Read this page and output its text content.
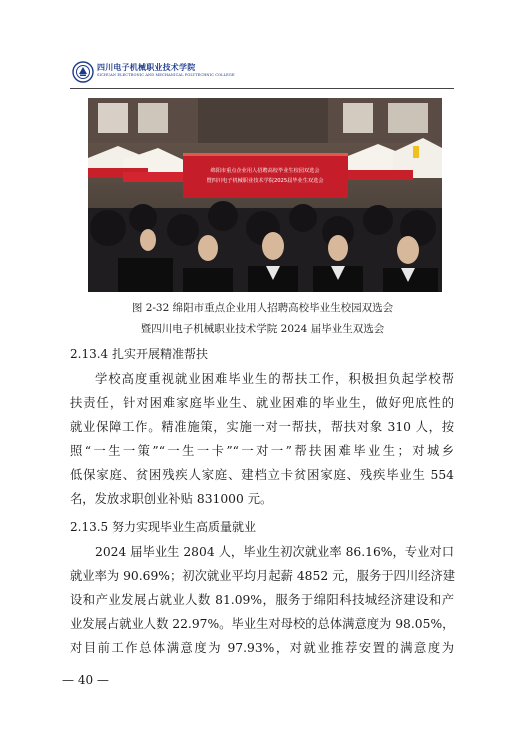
四川电子机械职业技术学院
SICHUAN ELECTRONIC AND MECHANICAL POLYTECHNIC COLLEGE
绵阳市重点企业用人招聘高校毕业生校园双选会
暨四川电子机械职业技术学院2025届毕业生双选会
图 2-32 绵阳市重点企业用人招聘高校毕业生校园双选会
暨四川电子机械职业技术学院 2024 届毕业生双选会
2.13.4 扎实开展精准帮扶
学校高度重视就业困难毕业生的帮扶工作，积极担负起学校帮
扶责任，针对困难家庭毕业生、就业困难的毕业生，做好兜底性的
就业保障工作。精准施策，实施一对一帮扶，帮扶对象 310 人，按
照“一生一策”“一生一卡”“一对一”帮扶困难毕业生；对城乡
低保家庭、贫困残疾人家庭、建档立卡贫困家庭、残疾毕业生 554
名，发放求职创业补贴 831000 元。
2.13.5 努力实现毕业生高质量就业
2024 届毕业生 2804 人，毕业生初次就业率 86.16%，专业对口
就业率为 90.69%；初次就业平均月起薪 4852 元，服务于四川经济建
设和产业发展占就业人数 81.09%，服务于绵阳科技城经济建设和产
业发展占就业人数 22.97%。毕业生对母校的总体满意度为 98.05%，
对目前工作总体满意度为 97.93%，对就业推荐安置的满意度为
— 40 —
